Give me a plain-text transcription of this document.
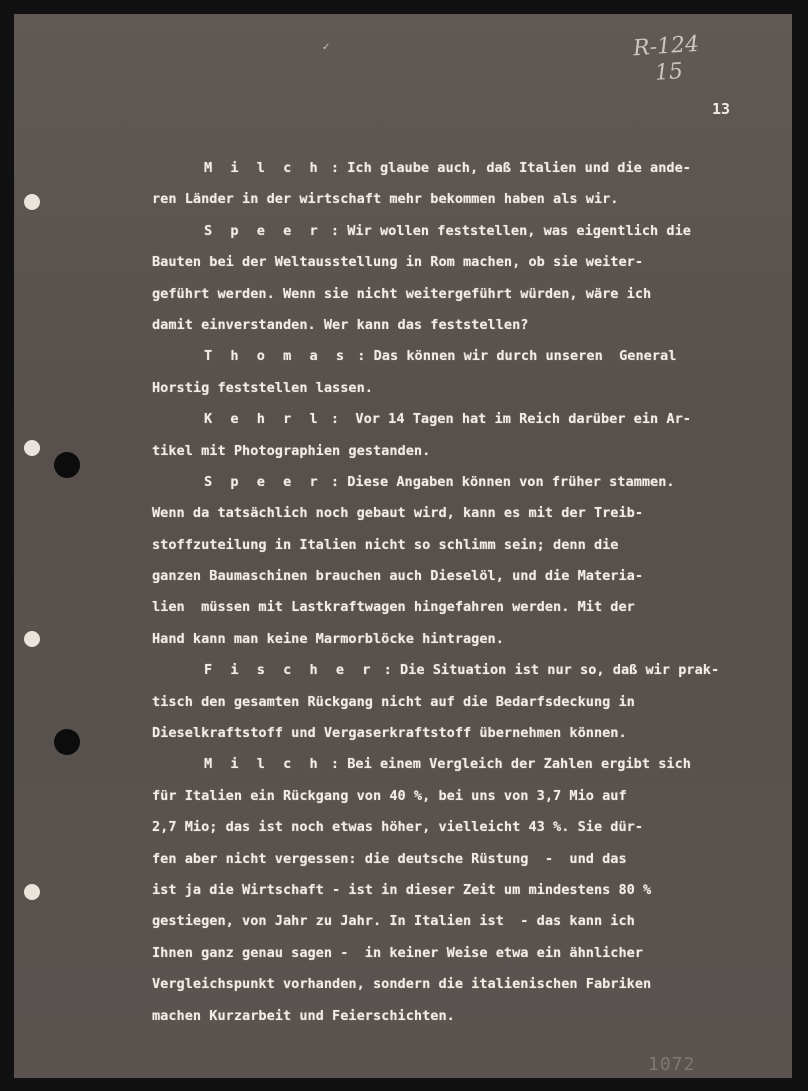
✓	R-124
15
13
1072
M i l c h : Ich glaube auch, daß Italien und die ande-
ren Länder in der wirtschaft mehr bekommen haben als wir.
S p e e r : Wir wollen feststellen, was eigentlich die
Bauten bei der Weltausstellung in Rom machen, ob sie weiter-
geführt werden. Wenn sie nicht weitergeführt würden, wäre ich
damit einverstanden. Wer kann das feststellen?
T h o m a s : Das können wir durch unseren  General
Horstig feststellen lassen.
K e h r l :  Vor 14 Tagen hat im Reich darüber ein Ar-
tikel mit Photographien gestanden.
S p e e r : Diese Angaben können von früher stammen.
Wenn da tatsächlich noch gebaut wird, kann es mit der Treib-
stoffzuteilung in Italien nicht so schlimm sein; denn die
ganzen Baumaschinen brauchen auch Dieselöl, und die Materia-
lien  müssen mit Lastkraftwagen hingefahren werden. Mit der
Hand kann man keine Marmorblöcke hintragen.
F i s c h e r : Die Situation ist nur so, daß wir prak-
tisch den gesamten Rückgang nicht auf die Bedarfsdeckung in
Dieselkraftstoff und Vergaserkraftstoff übernehmen können.
M i l c h : Bei einem Vergleich der Zahlen ergibt sich
für Italien ein Rückgang von 40 %, bei uns von 3,7 Mio auf
2,7 Mio; das ist noch etwas höher, vielleicht 43 %. Sie dür-
fen aber nicht vergessen: die deutsche Rüstung  -  und das
ist ja die Wirtschaft - ist in dieser Zeit um mindestens 80 %
gestiegen, von Jahr zu Jahr. In Italien ist  - das kann ich
Ihnen ganz genau sagen -  in keiner Weise etwa ein ähnlicher
Vergleichspunkt vorhanden, sondern die italienischen Fabriken
machen Kurzarbeit und Feierschichten.
